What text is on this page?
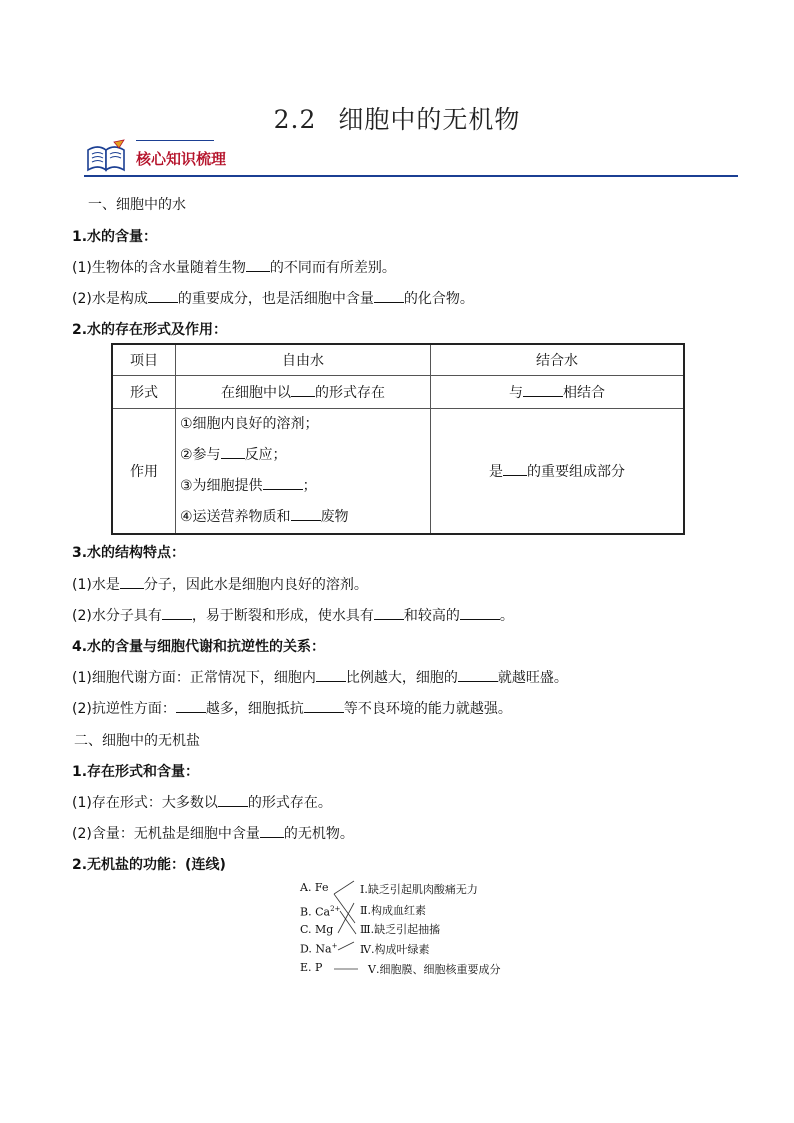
2.2 细胞中的无机物
核心知识梳理
一、细胞中的水
1.水的含量：
(1)生物体的含水量随着生物 的不同而有所差别。
(2)水是构成 的重要成分，也是活细胞中含量 的化合物。
2.水的存在形式及作用：
项目	自由水	结合水
形式	在细胞中以 的形式存在	与 相结合
作用	①细胞内良好的溶剂；
②参与 反应；
③为细胞提供 ；
④运送营养物质和 废物	是 的重要组成部分
3.水的结构特点：
(1)水是 分子，因此水是细胞内良好的溶剂。
(2)水分子具有 ，易于断裂和形成，使水具有 和较高的	。
4.水的含量与细胞代谢和抗逆性的关系：
(1)细胞代谢方面：正常情况下，细胞内 比例越大，细胞的	就越旺盛。
(2)抗逆性方面： 越多，细胞抵抗	等不良环境的能力就越强。
二、细胞中的无机盐
1.存在形式和含量：
(1)存在形式：大多数以 的形式存在。
(2)含量：无机盐是细胞中含量 的无机物。
2.无机盐的功能：(连线)
A. Fe
B. $Ca^{2+}$
C. Mg
D. Na+
E. P
Ⅰ.缺乏引起肌肉酸痛无力
Ⅱ.构成血红素
Ⅲ.缺乏引起抽搐
Ⅳ.构成叶绿素
Ⅴ.细胞膜、细胞核重要成分
